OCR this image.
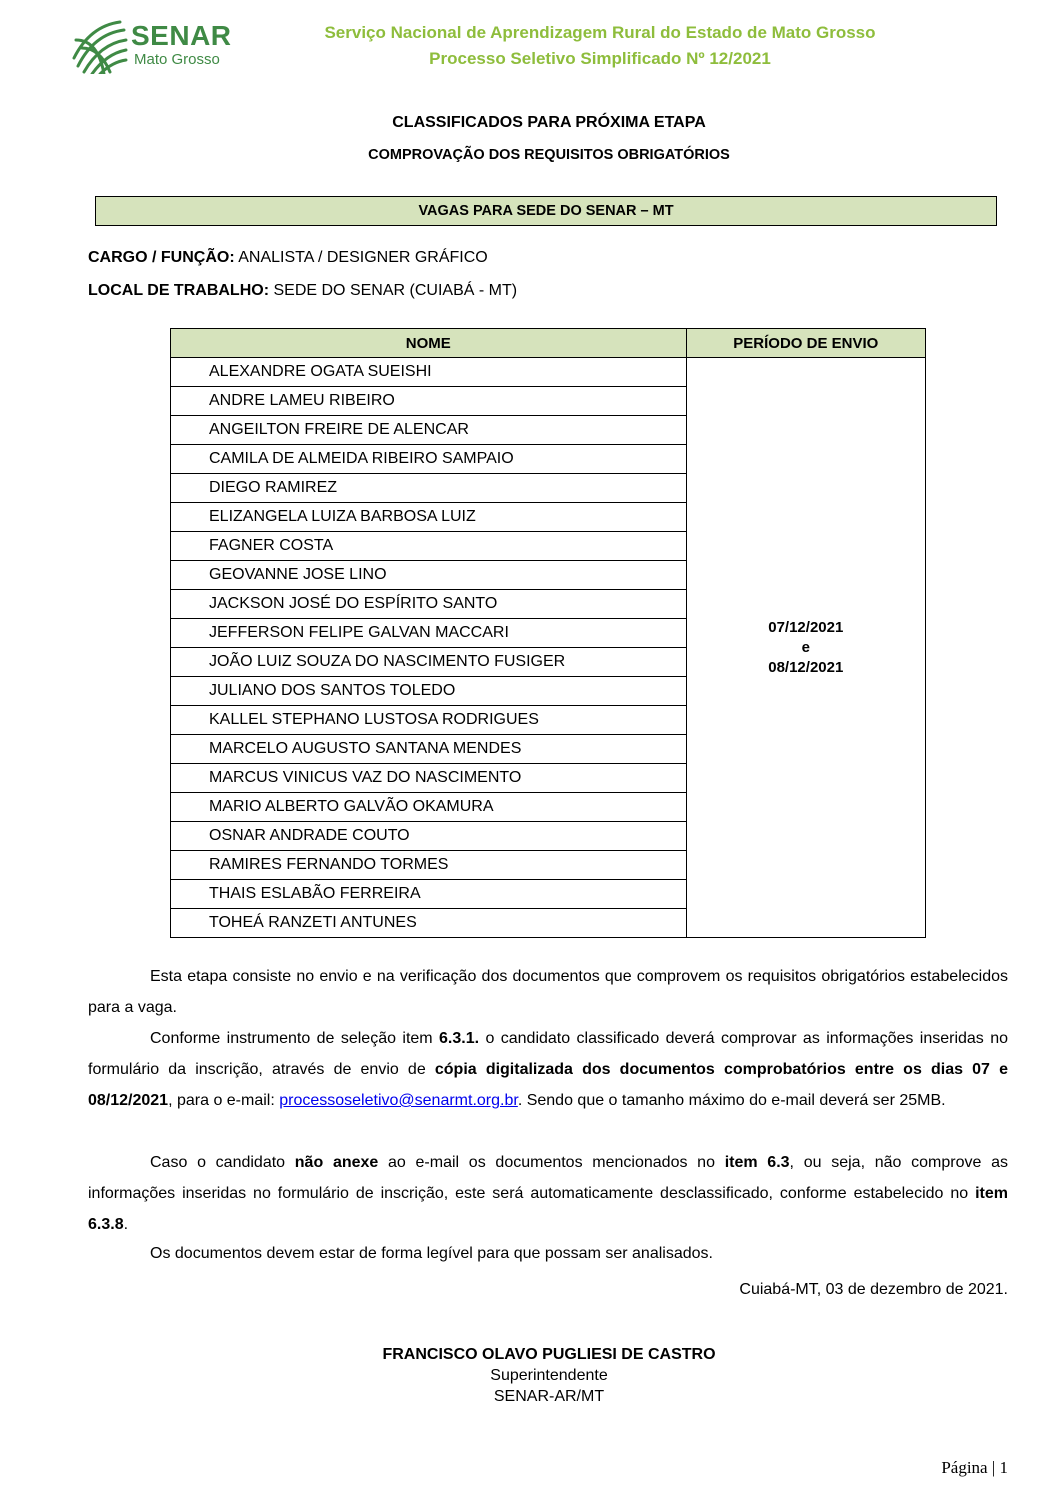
SENAR
Mato Grosso
Serviço Nacional de Aprendizagem Rural do Estado de Mato Grosso
Processo Seletivo Simplificado Nº 12/2021
CLASSIFICADOS PARA PRÓXIMA ETAPA
COMPROVAÇÃO DOS REQUISITOS OBRIGATÓRIOS
VAGAS PARA SEDE DO SENAR – MT
CARGO / FUNÇÃO: ANALISTA / DESIGNER GRÁFICO
LOCAL DE TRABALHO: SEDE DO SENAR (CUIABÁ - MT)
NOME	PERÍODO DE ENVIO
ALEXANDRE OGATA SUEISHI	07/12/2021
e
08/12/2021

ANDRE LAMEU RIBEIRO	
ANGEILTON FREIRE DE ALENCAR	
CAMILA DE ALMEIDA RIBEIRO SAMPAIO	
DIEGO RAMIREZ	
ELIZANGELA LUIZA BARBOSA LUIZ	
FAGNER COSTA	
GEOVANNE JOSE LINO	
JACKSON JOSÉ DO ESPÍRITO SANTO	
JEFFERSON FELIPE GALVAN MACCARI	
JOÃO LUIZ SOUZA DO NASCIMENTO FUSIGER	
JULIANO DOS SANTOS TOLEDO	
KALLEL STEPHANO LUSTOSA RODRIGUES	
MARCELO AUGUSTO SANTANA MENDES	
MARCUS VINICUS VAZ DO NASCIMENTO	
MARIO ALBERTO GALVÃO OKAMURA	
OSNAR ANDRADE COUTO	
RAMIRES FERNANDO TORMES	
THAIS ESLABÃO FERREIRA	
TOHEÁ RANZETI ANTUNES	
Esta etapa consiste no envio e na verificação dos documentos que comprovem os requisitos obrigatórios estabelecidos para a vaga.
Conforme instrumento de seleção item 6.3.1. o candidato classificado deverá comprovar as informações inseridas no formulário da inscrição, através de envio de cópia digitalizada dos documentos comprobatórios entre os dias 07 e 08/12/2021, para o e-mail: processoseletivo@senarmt.org.br. Sendo que o tamanho máximo do e-mail deverá ser 25MB.
Caso o candidato não anexe ao e-mail os documentos mencionados no item 6.3, ou seja, não comprove as informações inseridas no formulário de inscrição, este será automaticamente desclassificado, conforme estabelecido no item 6.3.8.
Os documentos devem estar de forma legível para que possam ser analisados.
Cuiabá-MT, 03 de dezembro de 2021.
FRANCISCO OLAVO PUGLIESI DE CASTRO
Superintendente
SENAR-AR/MT
Página | 1
